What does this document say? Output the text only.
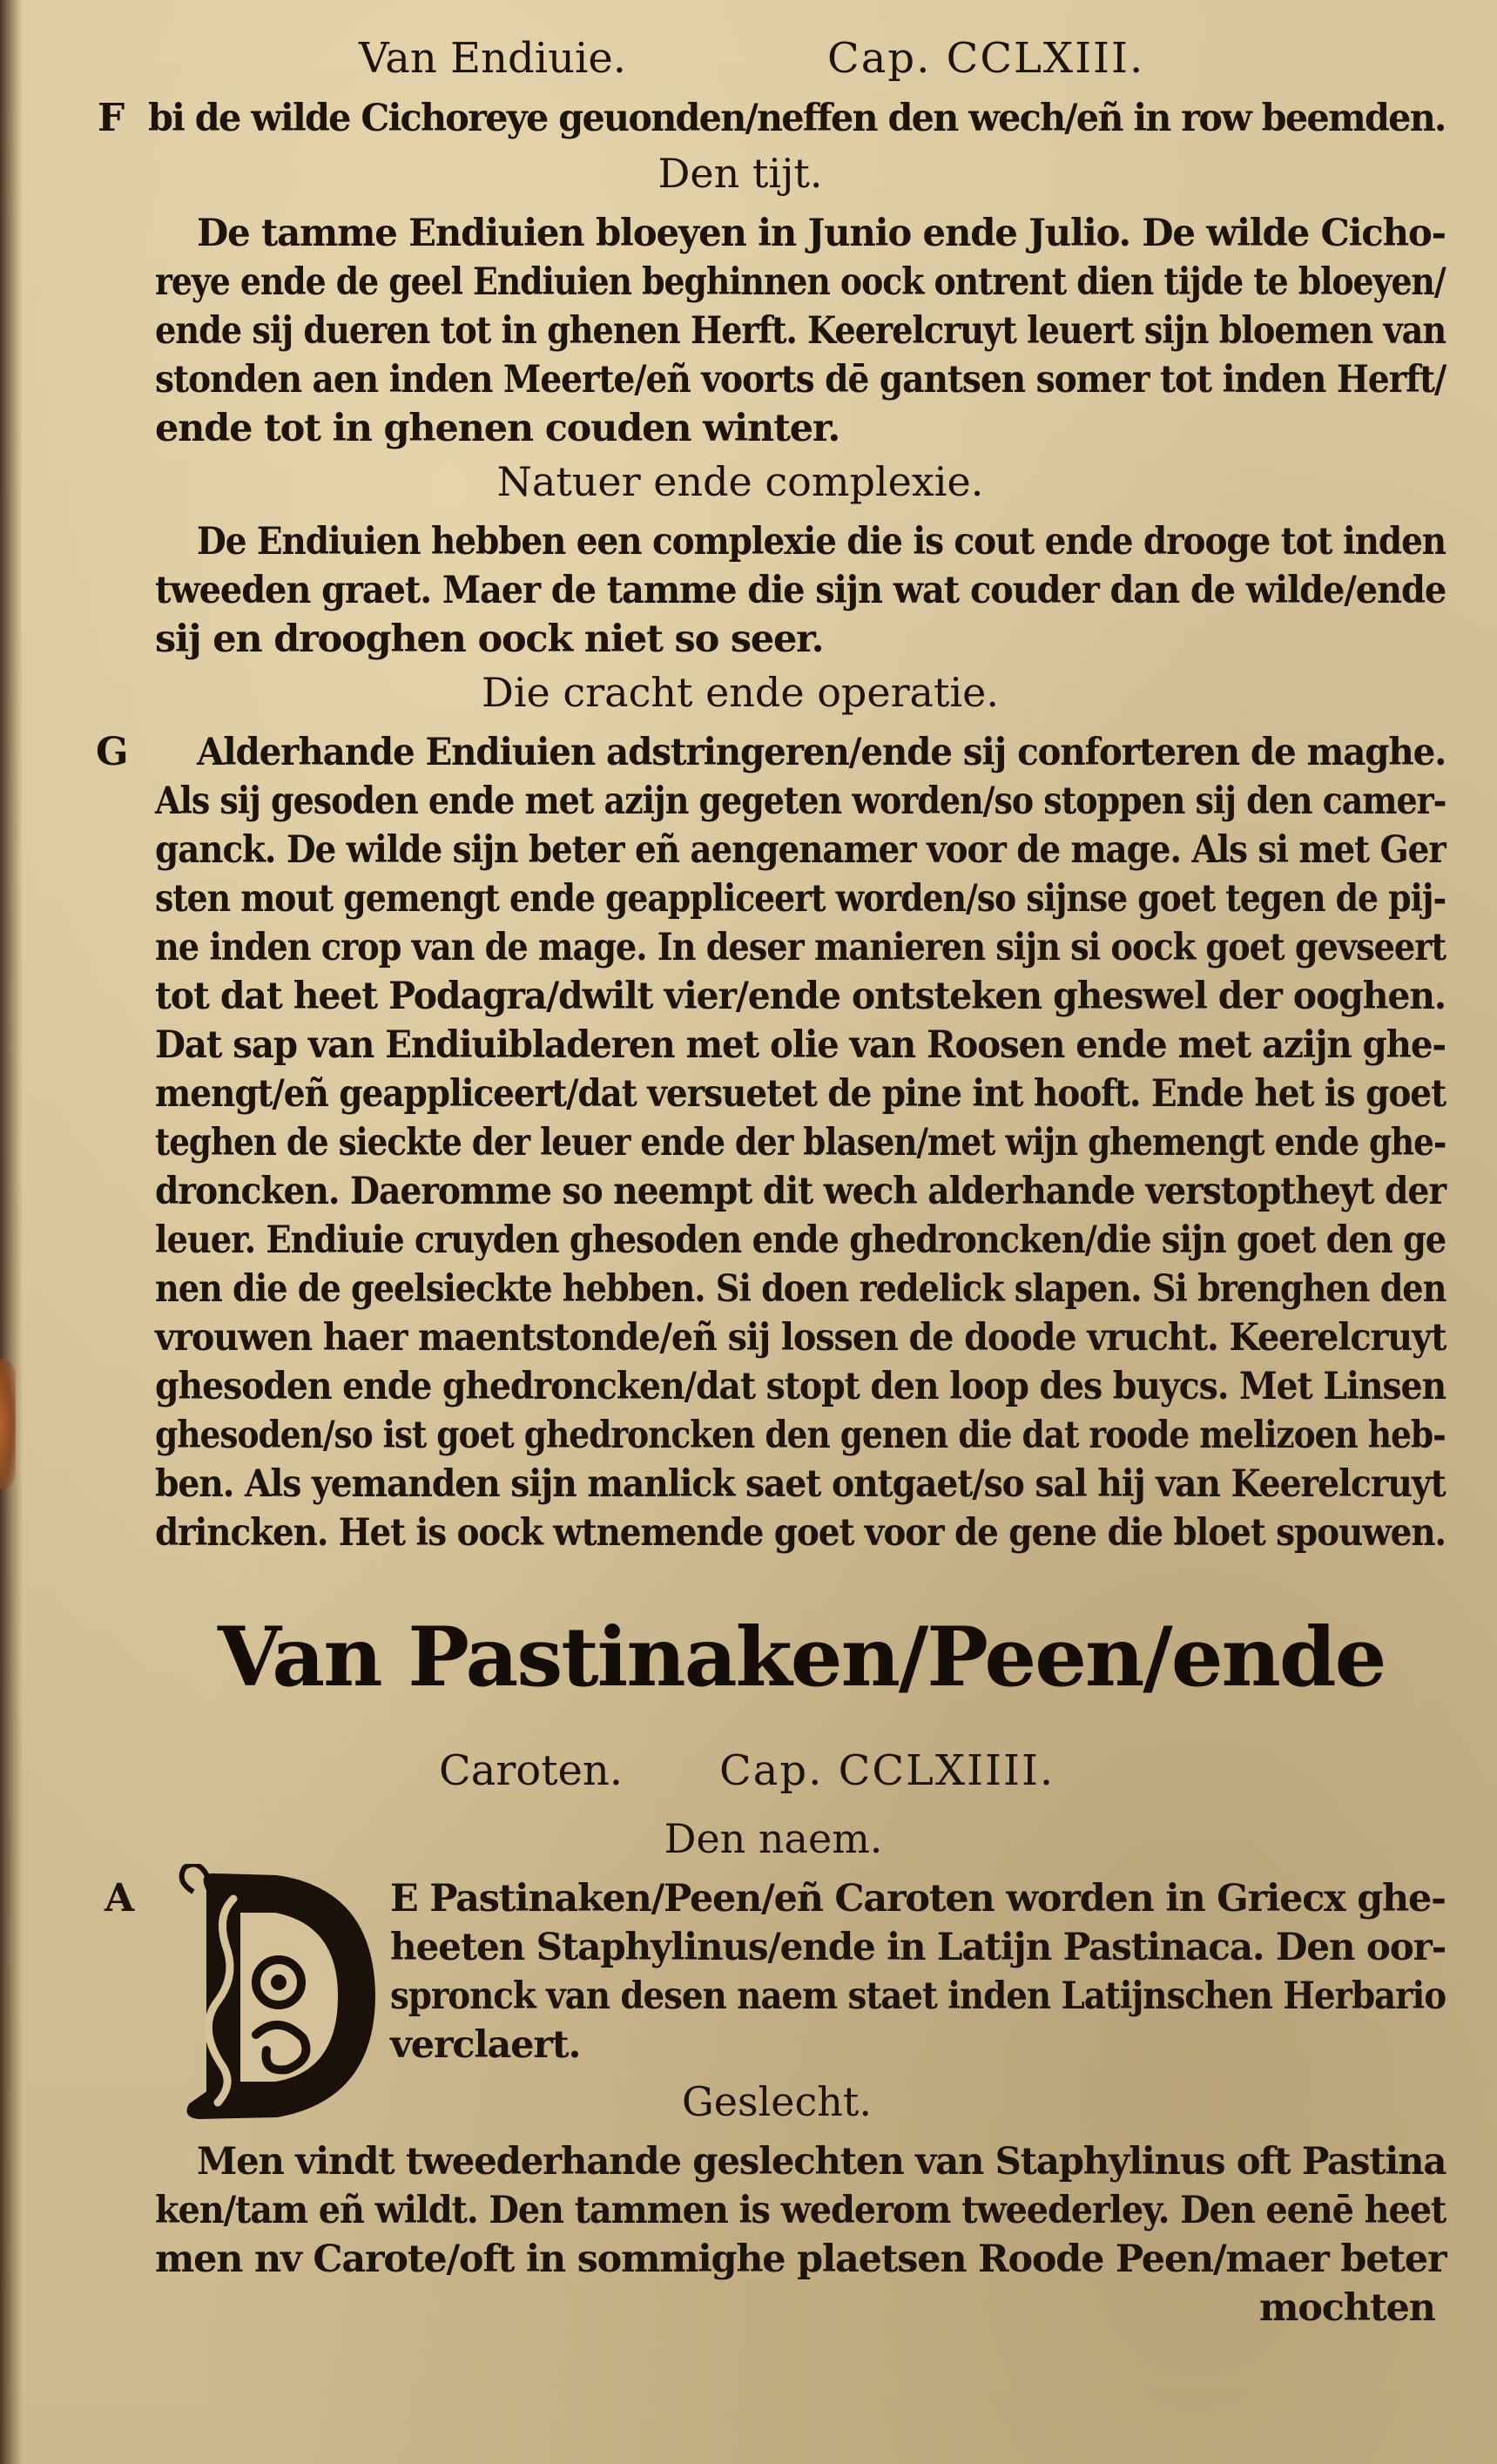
Van Endiuie.	Cap. CCLXIII.
F bi de wilde Cichoreye geuonden/neffen den wech/eñ in row beemden.
Den tijt.
De tamme Endiuien bloeyen in Junio ende Julio. De wilde Cicho-
reye ende de geel Endiuien beghinnen oock ontrent dien tijde te bloeyen/
ende sij dueren tot in ghenen Herft. Keerelcruyt leuert sijn bloemen van
stonden aen inden Meerte/eñ voorts dē gantsen somer tot inden Herft/
ende tot in ghenen couden winter.
Natuer ende complexie.
De Endiuien hebben een complexie die is cout ende drooge tot inden
tweeden graet. Maer de tamme die sijn wat couder dan de wilde/ende
sij en drooghen oock niet so seer.
Die cracht ende operatie.
G Alderhande Endiuien adstringeren/ende sij conforteren de maghe.
Als sij gesoden ende met azijn gegeten worden/so stoppen sij den camer-
ganck. De wilde sijn beter eñ aengenamer voor de mage. Als si met Ger
sten mout gemengt ende geappliceert worden/so sijnse goet tegen de pij-
ne inden crop van de mage. In deser manieren sijn si oock goet gevseert
tot dat heet Podagra/dwilt vier/ende ontsteken gheswel der ooghen.
Dat sap van Endiuibladeren met olie van Roosen ende met azijn ghe-
mengt/eñ geappliceert/dat versuetet de pine int hooft. Ende het is goet
teghen de sieckte der leuer ende der blasen/met wijn ghemengt ende ghe-
droncken. Daeromme so neempt dit wech alderhande verstoptheyt der
leuer. Endiuie cruyden ghesoden ende ghedroncken/die sijn goet den ge
nen die de geelsieckte hebben. Si doen redelick slapen. Si brenghen den
vrouwen haer maentstonde/eñ sij lossen de doode vrucht. Keerelcruyt
ghesoden ende ghedroncken/dat stopt den loop des buycs. Met Linsen
ghesoden/so ist goet ghedroncken den genen die dat roode melizoen heb-
ben. Als yemanden sijn manlick saet ontgaet/so sal hij van Keerelcruyt
drincken. Het is oock wtnemende goet voor de gene die bloet spouwen.
Van Pastinaken/Peen/ende
Caroten. Cap. CCLXIIII.
Den naem.
A	E Pastinaken/Peen/eñ Caroten worden in Griecx ghe-
heeten Staphylinus/ende in Latijn Pastinaca. Den oor-
spronck van desen naem staet inden Latijnschen Herbario
verclaert.
Geslecht.
Men vindt tweederhande geslechten van Staphylinus oft Pastina
ken/tam eñ wildt. Den tammen is wederom tweederley. Den eenē heet
men nv Carote/oft in sommighe plaetsen Roode Peen/maer beter
mochten
